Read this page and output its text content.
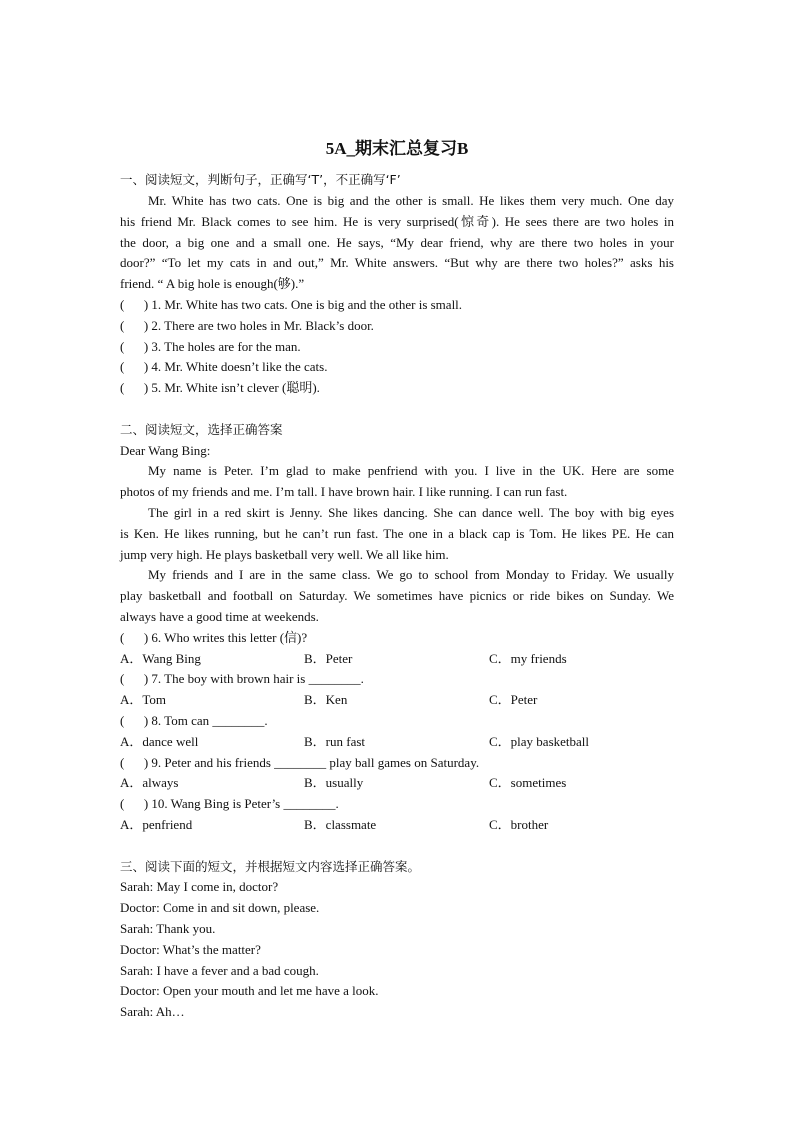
5A_期末汇总复习B
一、阅读短文，判断句子，正确写‘T’，不正确写‘F’
Mr. White has two cats. One is big and the other is small. He likes them very much. One day
his friend Mr. Black comes to see him. He is very surprised(惊奇). He sees there are two holes in
the door, a big one and a small one. He says, “My dear friend, why are there two holes in your
door?” “To let my cats in and out,” Mr. White answers. “But why are there two holes?” asks his
friend. “ A big hole is enough(够).”
(      ) 1. Mr. White has two cats. One is big and the other is small.
(      ) 2. There are two holes in Mr. Black’s door.
(      ) 3. The holes are for the man.
(      ) 4. Mr. White doesn’t like the cats.
(      ) 5. Mr. White isn’t clever (聪明).
二、阅读短文，选择正确答案
Dear Wang Bing:
My name is Peter. I’m glad to make penfriend with you. I live in the UK. Here are some
photos of my friends and me. I’m tall. I have brown hair. I like running. I can run fast.
The girl in a red skirt is Jenny. She likes dancing. She can dance well. The boy with big eyes
is Ken. He likes running, but he can’t run fast. The one in a black cap is Tom. He likes PE. He can
jump very high. He plays basketball very well. We all like him.
My friends and I are in the same class. We go to school from Monday to Friday. We usually
play basketball and football on Saturday. We sometimes have picnics or ride bikes on Sunday. We
always have a good time at weekends.
(      ) 6. Who writes this letter (信)?
A．Wang Bing	B．Peter	C．my friends
(      ) 7. The boy with brown hair is ________.
A．Tom	B．Ken	C．Peter
(      ) 8. Tom can ________.
A．dance well	B．run fast	C．play basketball
(      ) 9. Peter and his friends ________ play ball games on Saturday.
A．always	B．usually	C．sometimes
(      ) 10. Wang Bing is Peter’s ________.
A．penfriend	B．classmate	C．brother
三、阅读下面的短文，并根据短文内容选择正确答案。
Sarah: May I come in, doctor?
Doctor: Come in and sit down, please.
Sarah: Thank you.
Doctor: What’s the matter?
Sarah: I have a fever and a bad cough.
Doctor: Open your mouth and let me have a look.
Sarah: Ah…
